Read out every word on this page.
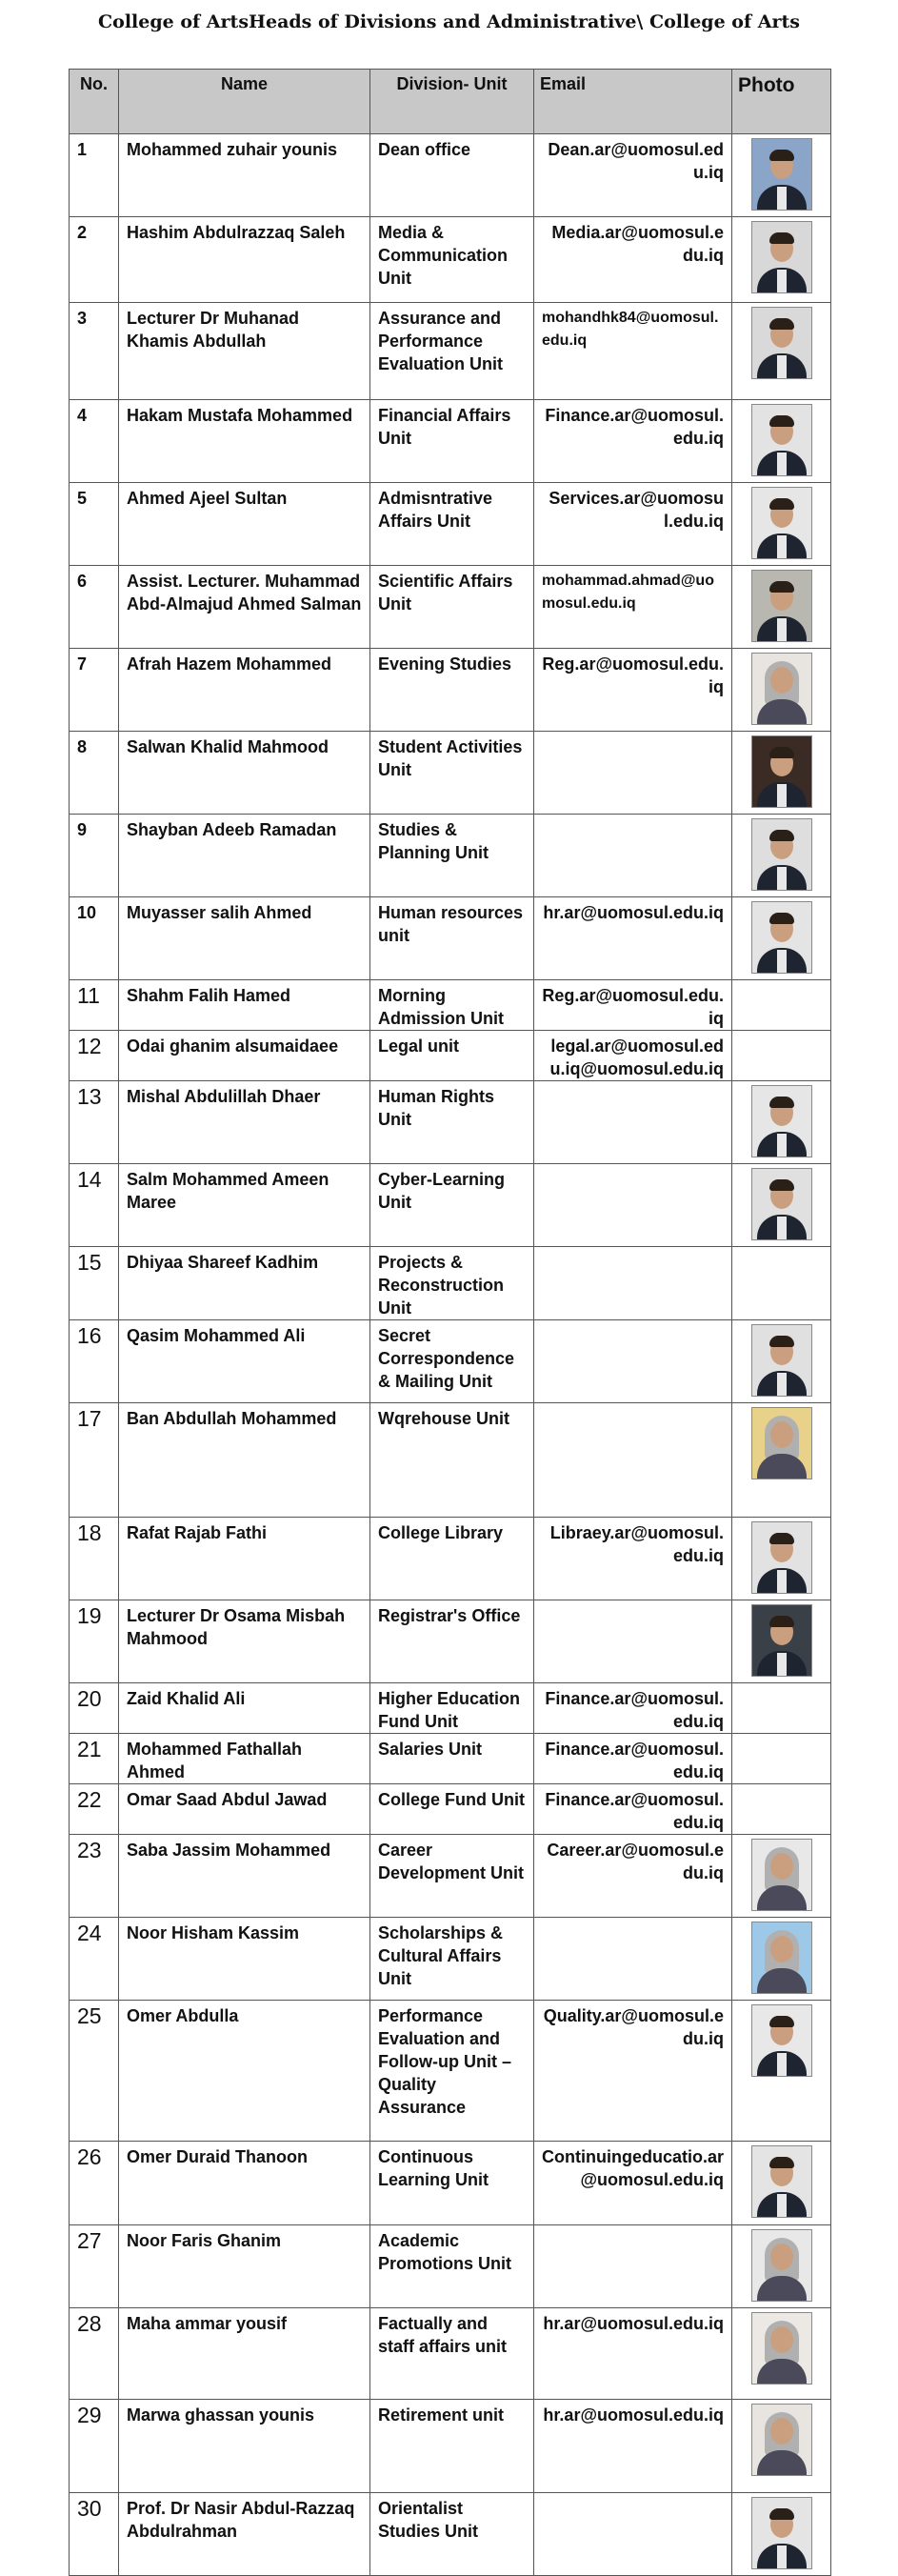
College of ArtsHeads of Divisions and Administrative\ College of Arts
No.	Name	Division- Unit	Email	Photo
1	Mohammed zuhair younis	Dean office	Dean.ar@uomosul.edu.iq	

2	Hashim Abdulrazzaq Saleh	Media & Communication Unit	Media.ar@uomosul.edu.iq	

3	Lecturer Dr Muhanad Khamis Abdullah	Assurance and Performance Evaluation Unit	mohandhk84@uomosul.edu.iq	

4	Hakam Mustafa Mohammed	Financial Affairs Unit	Finance.ar@uomosul.edu.iq	

5	Ahmed Ajeel Sultan	Admisntrative Affairs Unit	Services.ar@uomosul.edu.iq	

6	Assist. Lecturer. Muhammad Abd-Almajud Ahmed Salman	Scientific Affairs Unit	mohammad.ahmad@uomosul.edu.iq	

7	Afrah Hazem Mohammed	Evening Studies	Reg.ar@uomosul.edu.iq	

8	Salwan Khalid Mahmood	Student Activities Unit		

9	Shayban Adeeb Ramadan	Studies & Planning Unit		

10	Muyasser salih Ahmed	Human resources unit	hr.ar@uomosul.edu.iq	

11	Shahm Falih Hamed	Morning Admission Unit	Reg.ar@uomosul.edu.iq	
12	Odai ghanim alsumaidaee	Legal unit	legal.ar@uomosul.edu.iq@uomosul.edu.iq	
13	Mishal Abdulillah Dhaer	Human Rights Unit		

14	Salm Mohammed Ameen Maree	Cyber-Learning Unit		

15	Dhiyaa Shareef Kadhim	Projects & Reconstruction Unit		
16	Qasim Mohammed Ali	Secret Correspondence & Mailing Unit		

17	Ban Abdullah Mohammed	Wqrehouse Unit		

18	Rafat Rajab Fathi	College Library	Libraey.ar@uomosul.edu.iq	

19	Lecturer Dr Osama Misbah Mahmood	Registrar's Office		

20	Zaid Khalid Ali	Higher Education Fund Unit	Finance.ar@uomosul.edu.iq	
21	Mohammed Fathallah Ahmed	Salaries Unit	Finance.ar@uomosul.edu.iq	
22	Omar Saad Abdul Jawad	College Fund Unit	Finance.ar@uomosul.edu.iq	
23	Saba Jassim Mohammed	Career Development Unit	Career.ar@uomosul.edu.iq	

24	Noor Hisham Kassim	Scholarships & Cultural Affairs Unit		

25	Omer Abdulla	Performance Evaluation and Follow-up Unit – Quality Assurance	Quality.ar@uomosul.edu.iq	

26	Omer Duraid Thanoon	Continuous Learning Unit	Continuingeducatio.ar@uomosul.edu.iq	

27	Noor Faris Ghanim	Academic Promotions Unit		

28	Maha ammar yousif	Factually and staff affairs unit	hr.ar@uomosul.edu.iq	

29	Marwa ghassan younis	Retirement unit	hr.ar@uomosul.edu.iq	

30	Prof. Dr Nasir Abdul-Razzaq Abdulrahman	Orientalist Studies Unit		
